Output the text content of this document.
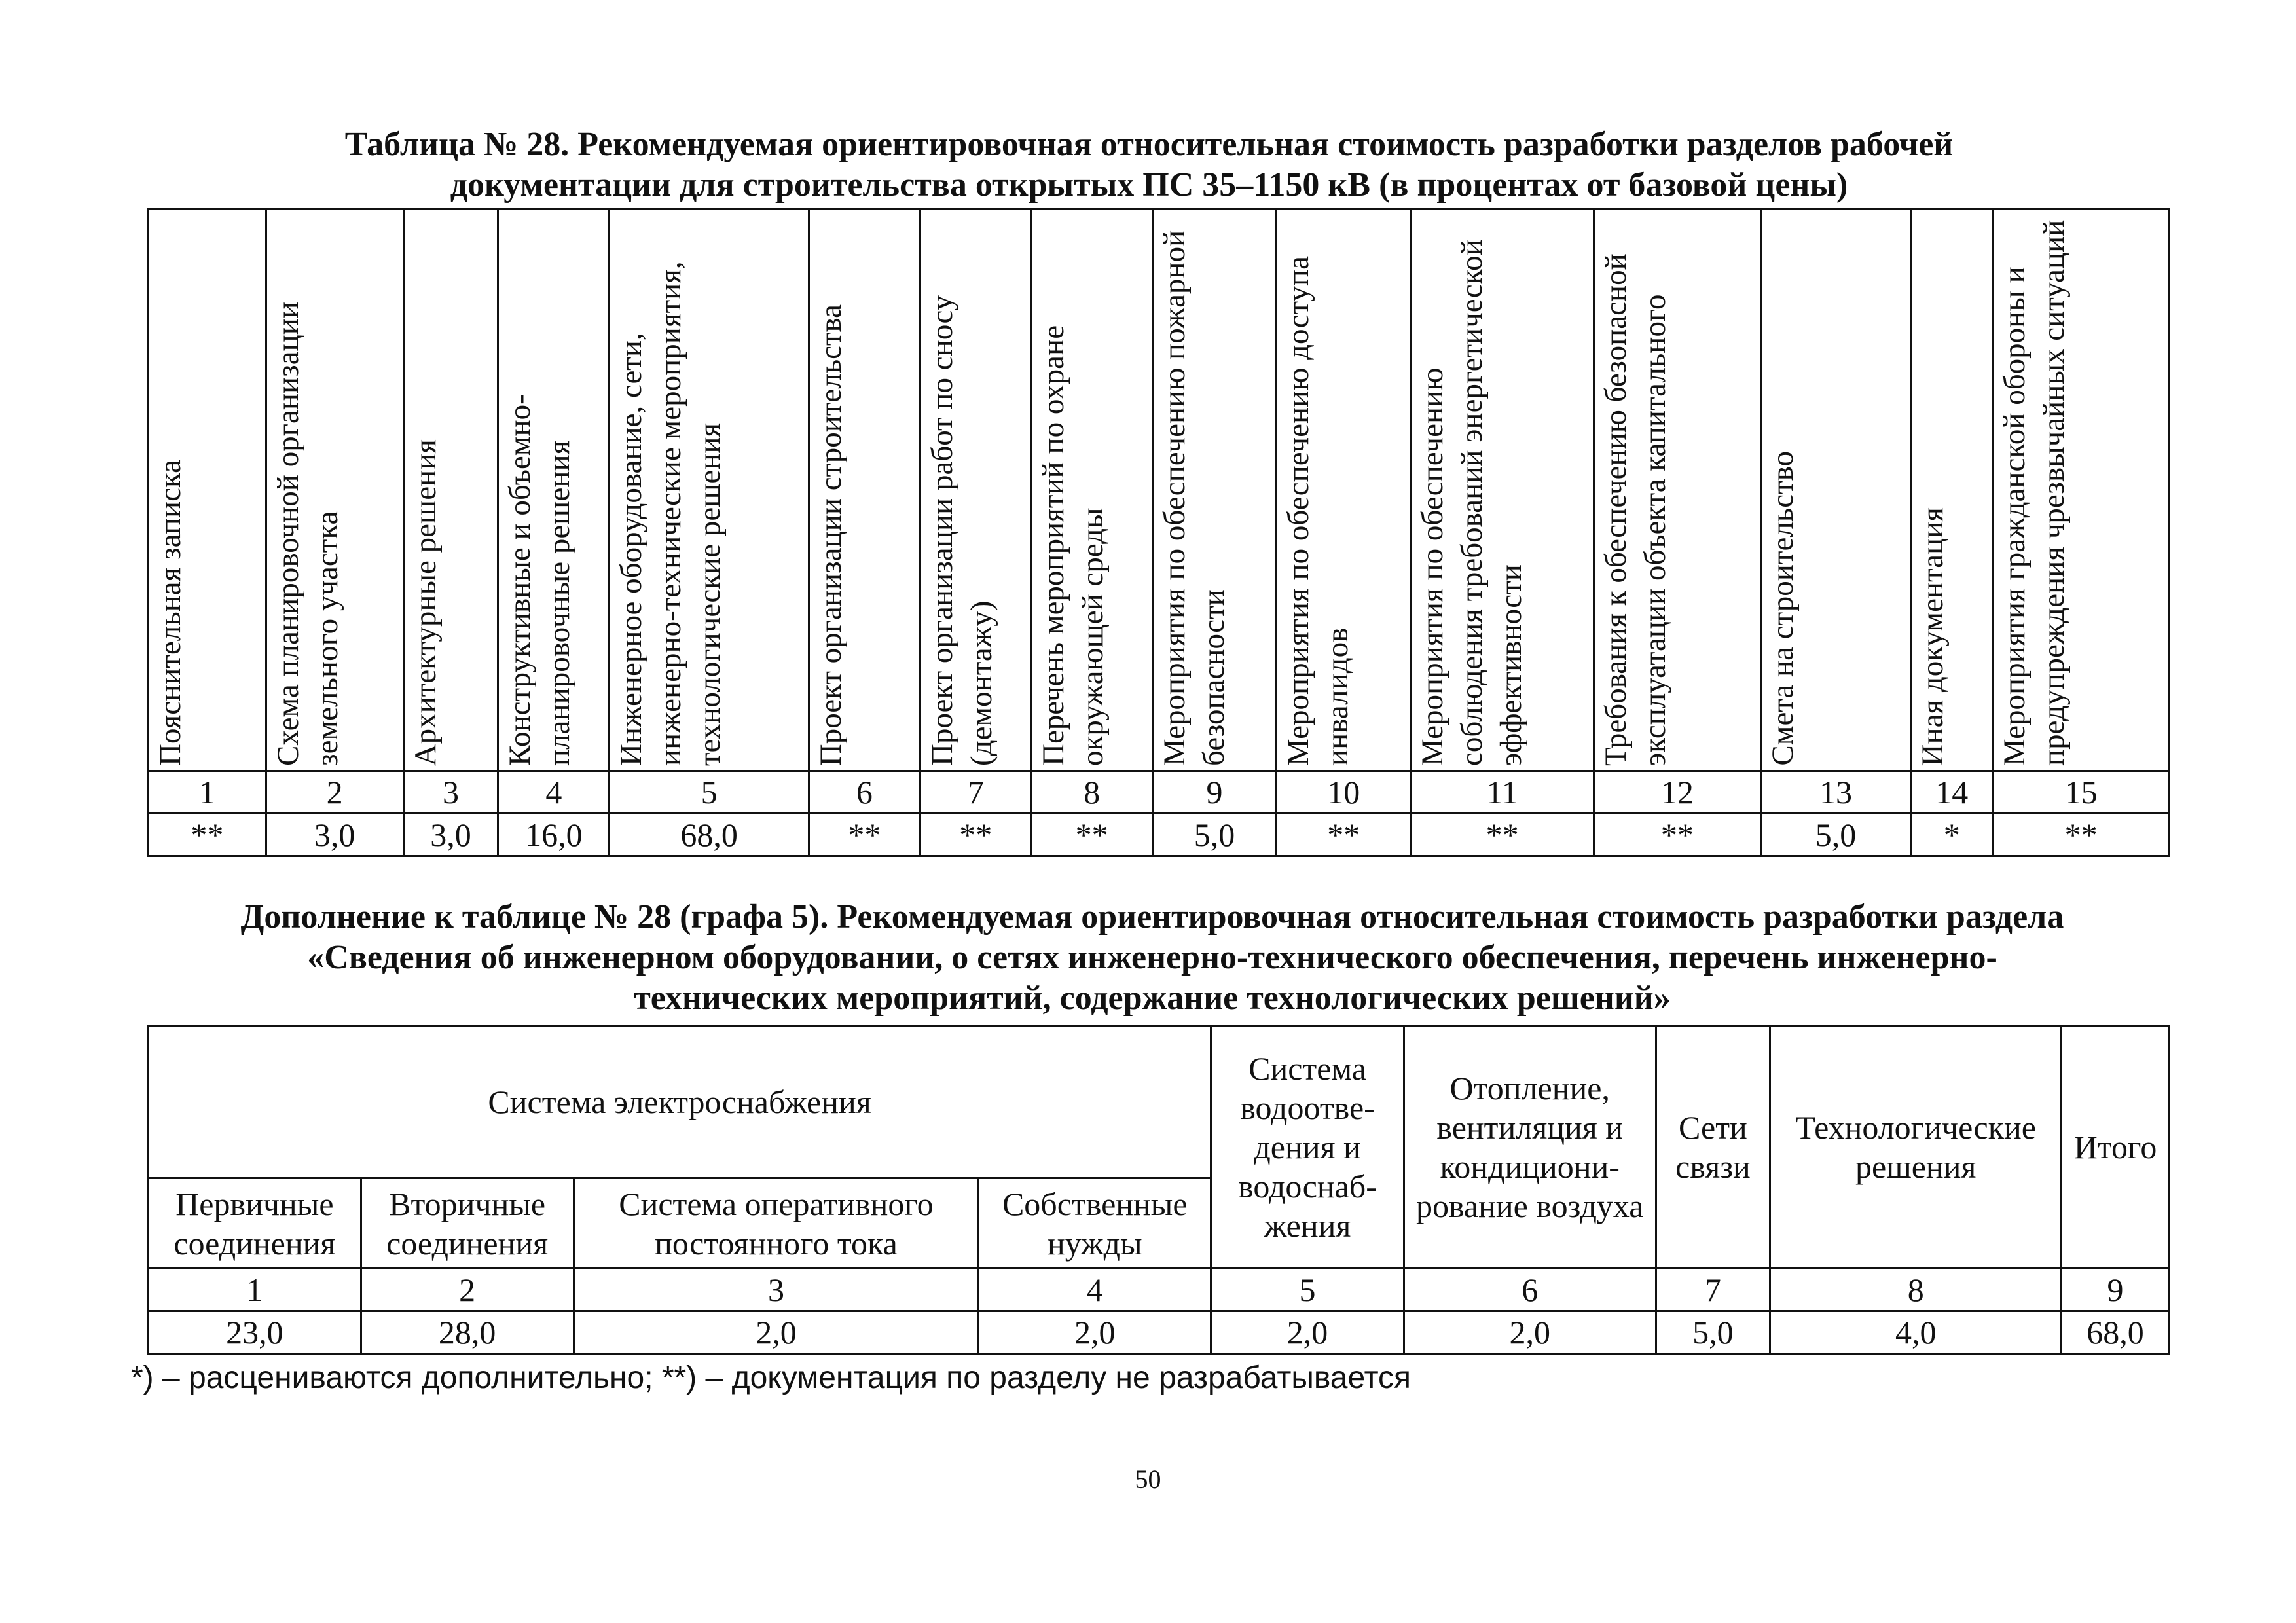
Таблица № 28. Рекомендуемая ориентировочная относительная стоимость разработки разделов рабочей
документации для строительства открытых ПС 35–1150 кВ (в процентах от базовой цены)
Пояснительная записка	Схема планировочной организации земельного участка	Архитектурные решения	Конструктивные и объемно-планировочные решения	Инженерное оборудование, сети, инженерно-технические мероприятия, технологические решения	Проект организации строительства	Проект организации работ по сносу (демонтажу)	Перечень мероприятий по охране окружающей среды	Мероприятия по обеспечению пожарной безопасности	Мероприятия по обеспечению доступа инвалидов	Мероприятия по обеспечению соблюдения требований энергетической эффективности	Требования к обеспечению безопасной эксплуатации объекта капитального	Смета на строительство	Иная документация	Мероприятия гражданской обороны и предупреждения чрезвычайных ситуаций

1	2	3	4	5	6	7	8	9	10	11	12	13	14	15
**	3,0	3,0	16,0	68,0	**	**	**	5,0	**	**	**	5,0	*	**
Дополнение к таблице № 28 (графа 5). Рекомендуемая ориентировочная относительная стоимость разработки раздела
«Сведения об инженерном оборудовании, о сетях инженерно-технического обеспечения, перечень инженерно-
технических мероприятий, содержание технологических решений»
Система электроснабжения				Система водоотве-дения и водоснаб-жения	Отопление, вентиляция и кондициони-рование воздуха	Сети связи	Технологические решения	Итого
Первичные соединения	Вторичные соединения	Система оперативного постоянного тока	Собственные нужды					
1	2	3	4	5	6	7	8	9
23,0	28,0	2,0	2,0	2,0	2,0	5,0	4,0	68,0
*) – расцениваются дополнительно; **) – документация по разделу не разрабатывается
50
